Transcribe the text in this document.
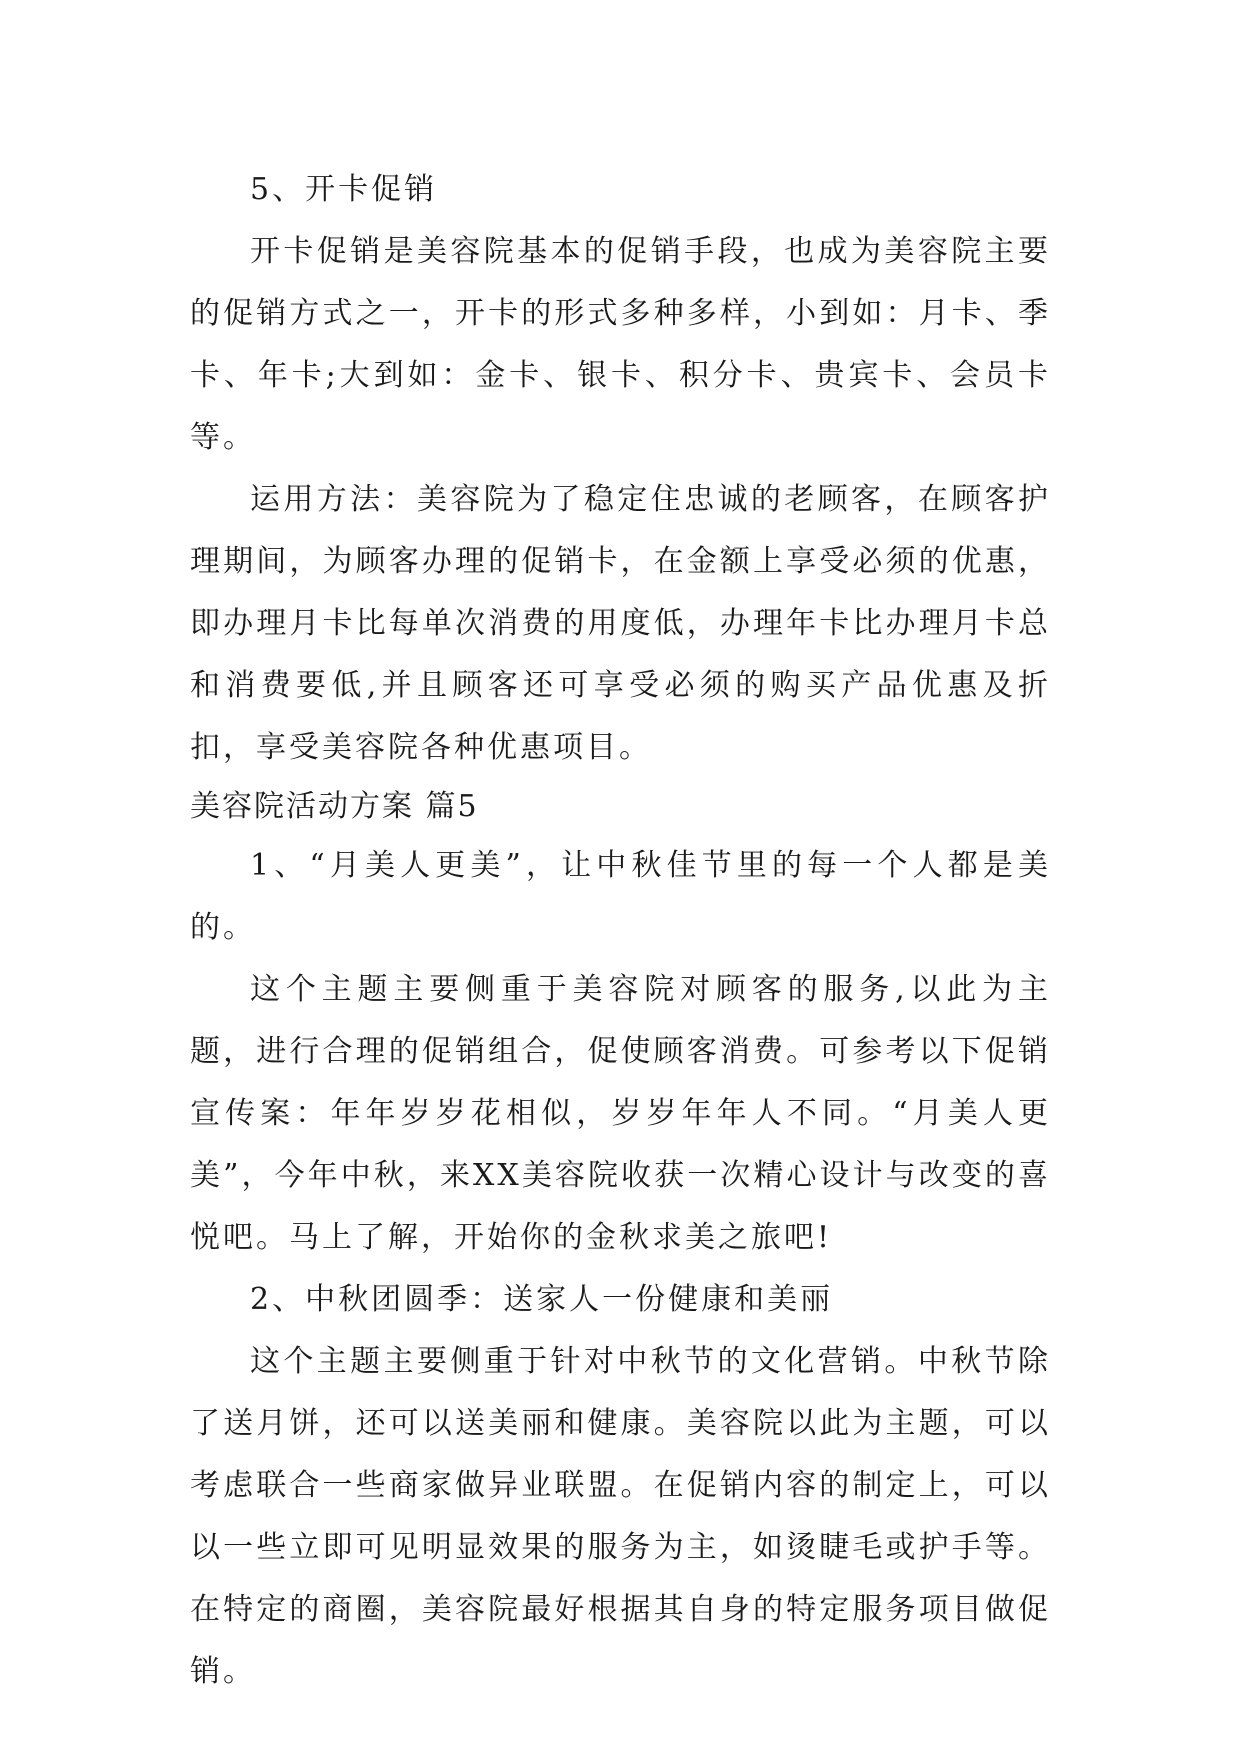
5、开卡促销

开卡促销是美容院基本的促销手段，也成为美容院主要的促销方式之一，开卡的形式多种多样，小到如：月卡、季卡、年卡;大到如：金卡、银卡、积分卡、贵宾卡、会员卡等。

运用方法：美容院为了稳定住忠诚的老顾客，在顾客护理期间，为顾客办理的促销卡，在金额上享受必须的优惠，即办理月卡比每单次消费的用度低，办理年卡比办理月卡总和消费要低,并且顾客还可享受必须的购买产品优惠及折扣，享受美容院各种优惠项目。

美容院活动方案 篇5

1、“月美人更美”，让中秋佳节里的每一个人都是美的。

这个主题主要侧重于美容院对顾客的服务,以此为主题，进行合理的促销组合，促使顾客消费。可参考以下促销宣传案：年年岁岁花相似，岁岁年年人不同。“月美人更美”，今年中秋，来XX美容院收获一次精心设计与改变的喜悦吧。马上了解，开始你的金秋求美之旅吧!

2、中秋团圆季：送家人一份健康和美丽

这个主题主要侧重于针对中秋节的文化营销。中秋节除了送月饼，还可以送美丽和健康。美容院以此为主题，可以考虑联合一些商家做异业联盟。在促销内容的制定上，可以以一些立即可见明显效果的服务为主，如烫睫毛或护手等。在特定的商圈，美容院最好根据其自身的特定服务项目做促销。
